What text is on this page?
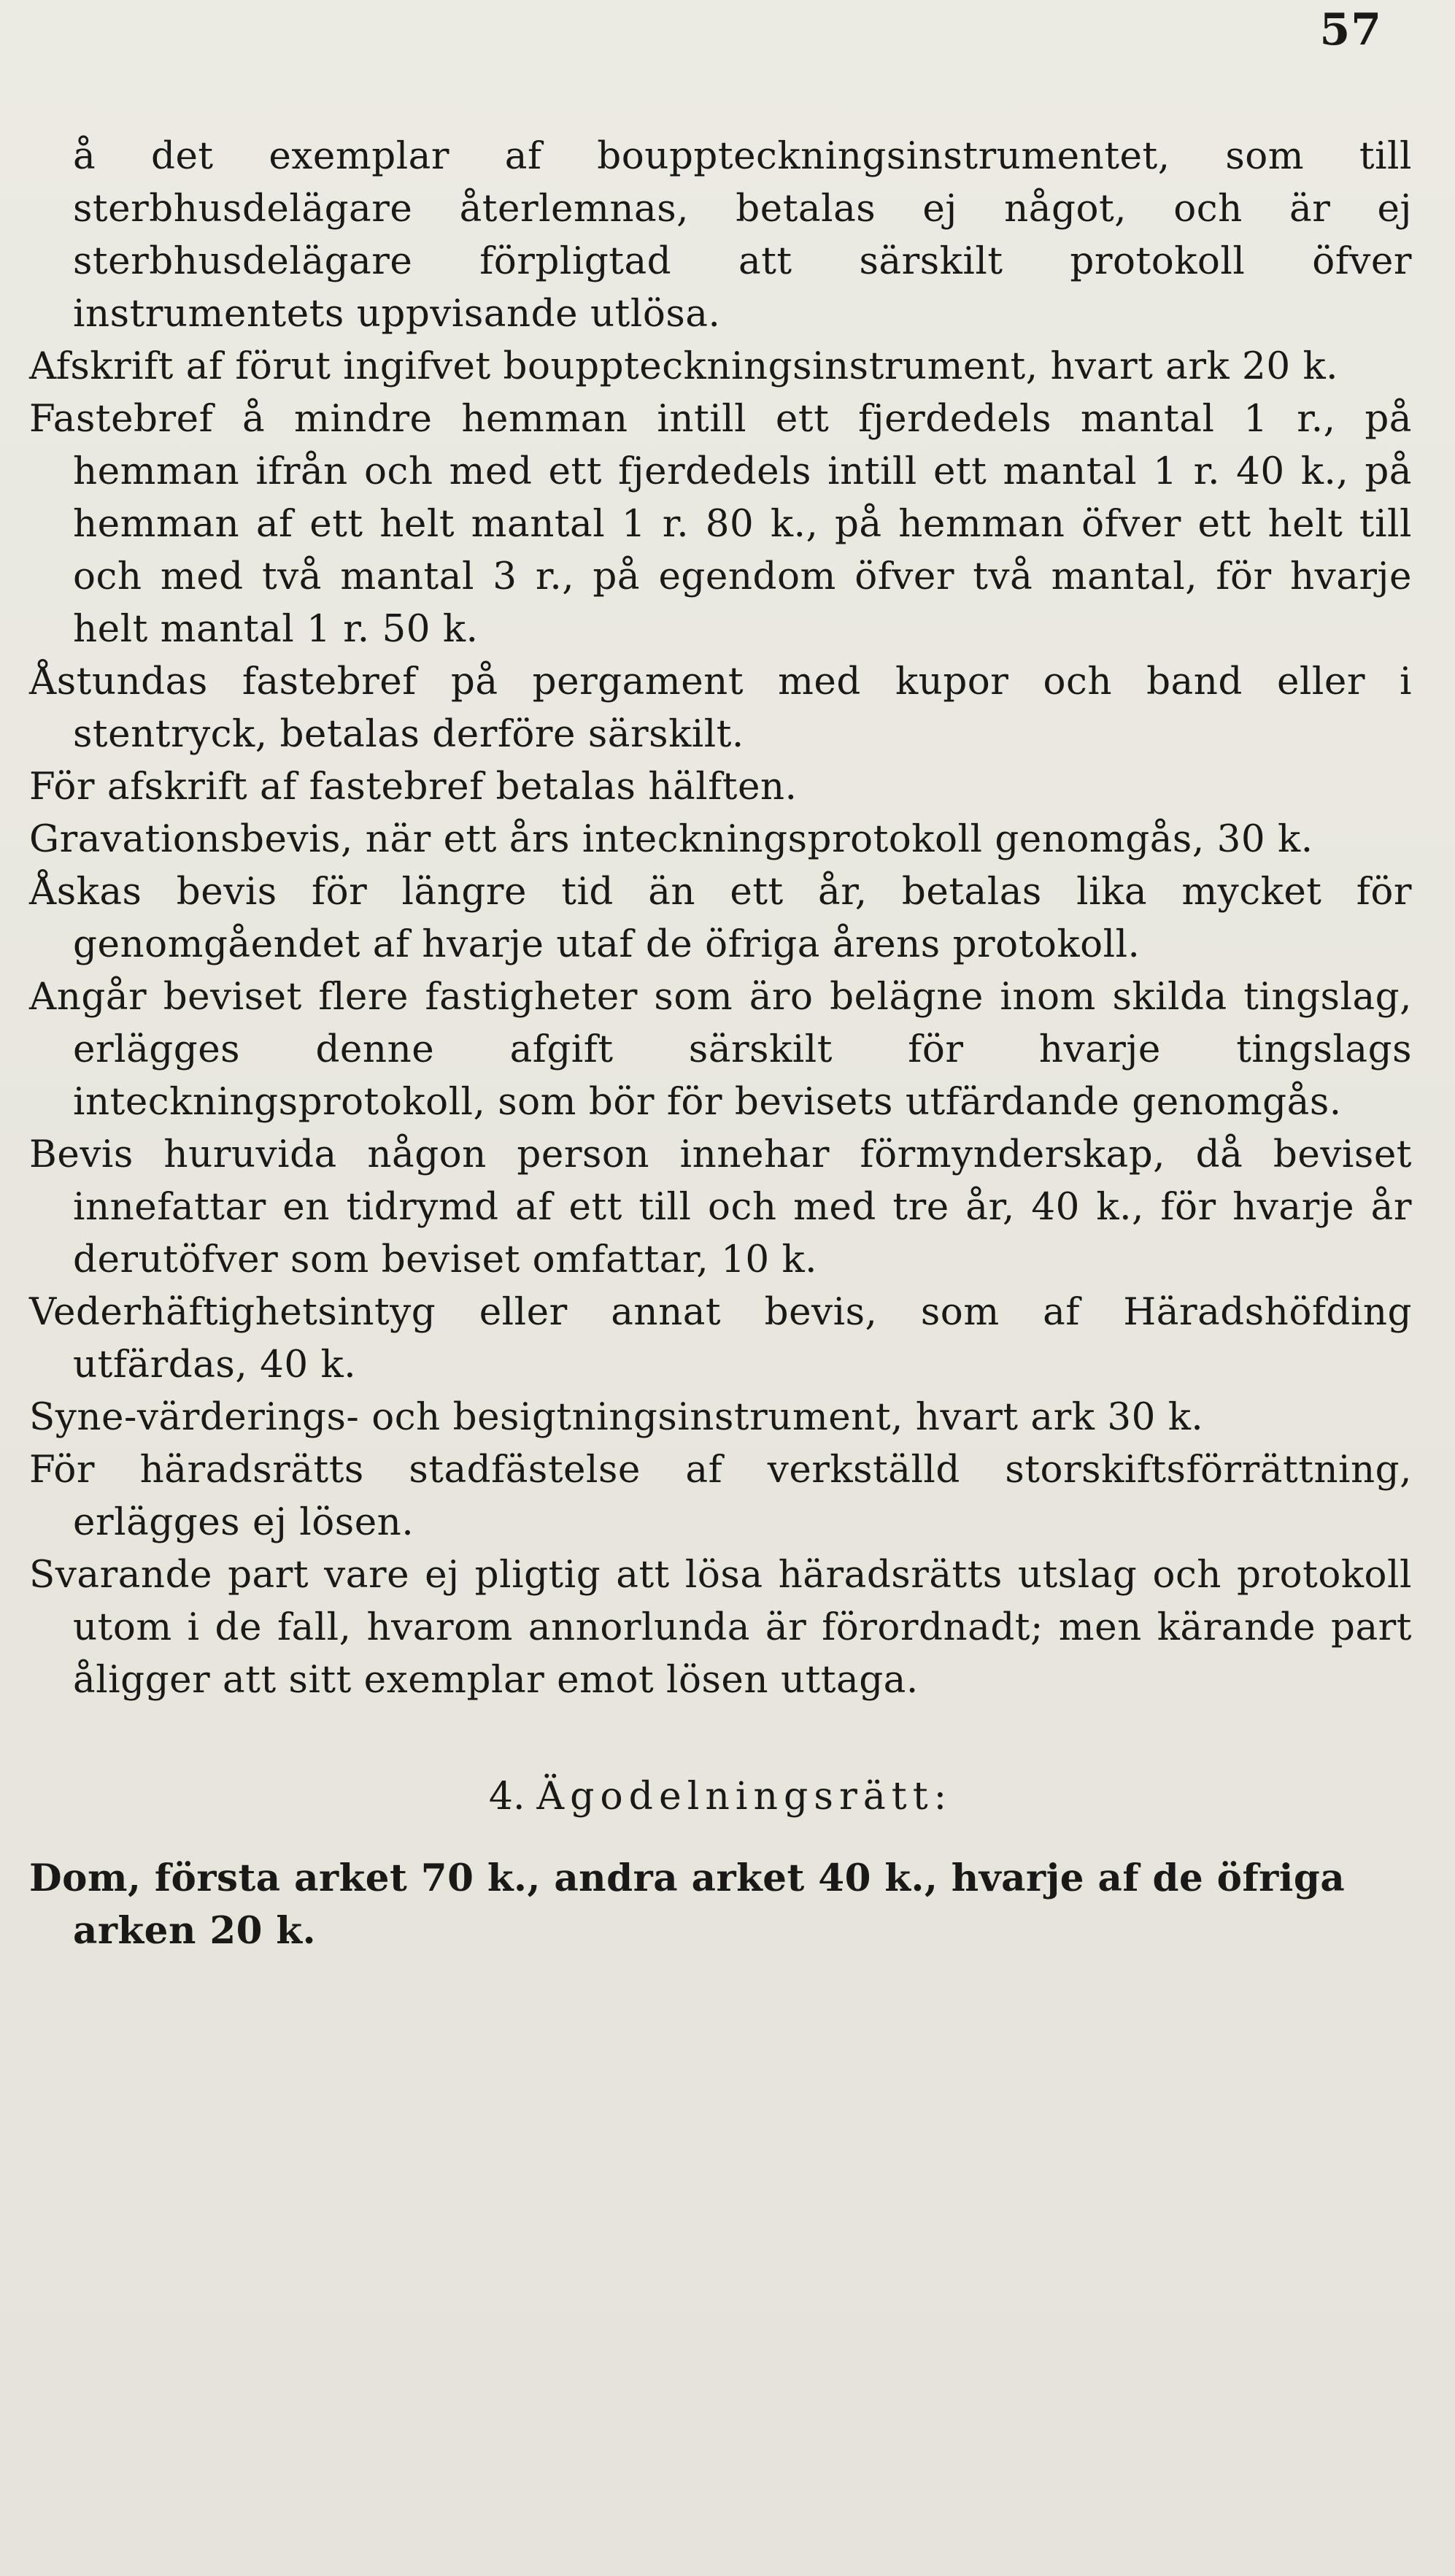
57

å det exemplar af bouppteckningsinstrumentet, som till sterbhusdelägare återlemnas, betalas ej något, och är ej sterbhusdelägare förpligtad att särskilt protokoll öfver instrumentets uppvisande utlösa.

Afskrift af förut ingifvet bouppteckningsinstrument, hvart ark 20 k.

Fastebref å mindre hemman intill ett fjerdedels mantal 1 r., på hemman ifrån och med ett fjerdedels intill ett mantal 1 r. 40 k., på hemman af ett helt mantal 1 r. 80 k., på hemman öfver ett helt till och med två mantal 3 r., på egendom öfver två mantal, för hvarje helt mantal 1 r. 50 k.

Åstundas fastebref på pergament med kupor och band eller i stentryck, betalas derföre särskilt.

För afskrift af fastebref betalas hälften.

Gravationsbevis, när ett års inteckningsprotokoll genomgås, 30 k.

Åskas bevis för längre tid än ett år, betalas lika mycket för genomgåendet af hvarje utaf de öfriga årens protokoll.

Angår beviset flere fastigheter som äro belägne inom skilda tingslag, erlägges denne afgift särskilt för hvarje tingslags inteckningsprotokoll, som bör för bevisets utfärdande genomgås.

Bevis huruvida någon person innehar förmynderskap, då beviset innefattar en tidrymd af ett till och med tre år, 40 k., för hvarje år derutöfver som beviset omfattar, 10 k.

Vederhäftighetsintyg eller annat bevis, som af Häradshöfding utfärdas, 40 k.

Syne-värderings- och besigtningsinstrument, hvart ark 30 k.

För häradsrätts stadfästelse af verkställd storskiftsförrättning, erlägges ej lösen.

Svarande part vare ej pligtig att lösa häradsrätts utslag och protokoll utom i de fall, hvarom annorlunda är förordnadt; men kärande part åligger att sitt exemplar emot lösen uttaga.

4. Ägodelningsrätt:

Dom, första arket 70 k., andra arket 40 k., hvarje af de öfriga arken 20 k.
